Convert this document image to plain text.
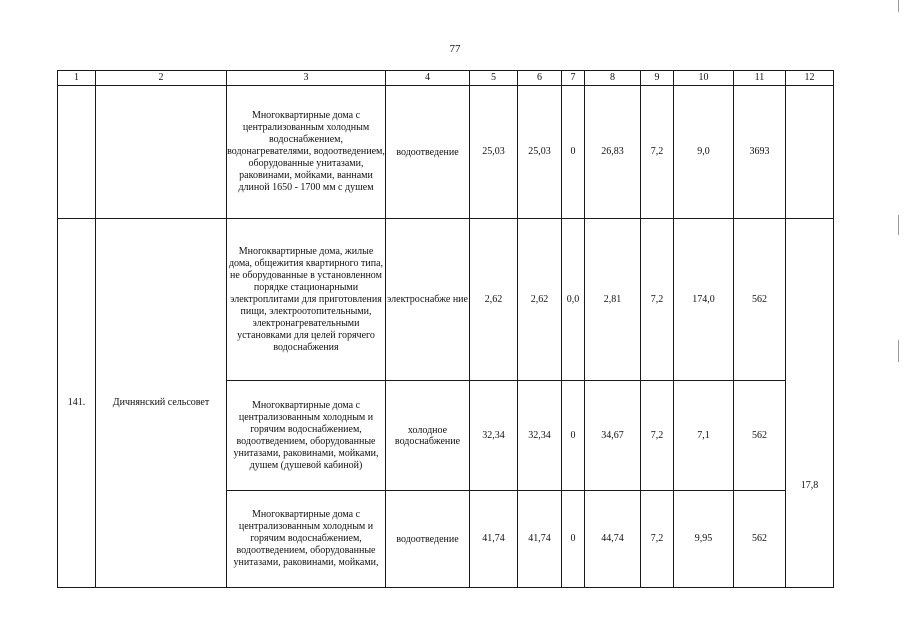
77
1	2	3	4	5	6	7	8	9	10	11	12
		Многоквартирные дома с централизованным холодным водоснабжением, водонагревателями, водоотведением, оборудованные унитазами, раковинами, мойками, ваннами длиной 1650 - 1700 мм с душем	водоотведение	25,03	25,03	0	26,83	7,2	9,0	3693	
141.	Дичнянский сельсовет	Многоквартирные дома, жилые дома, общежития квартирного типа, не оборудованные в установленном порядке стационарными электроплитами для приготовления пищи, электроотопительными, электронагревательными установками для целей горячего водоснабжения	электроснабже ние	2,62	2,62	0,0	2,81	7,2	174,0	562	17,8

		Многоквартирные дома с централизованным холодным и горячим водоснабжением, водоотведением, оборудованные унитазами, раковинами, мойками, душем (душевой кабиной)	холодное водоснабжение	32,34	32,34	0	34,67	7,2	7,1	562	
		Многоквартирные дома с централизованным холодным и горячим водоснабжением, водоотведением, оборудованные унитазами, раковинами, мойками,	водоотведение	41,74	41,74	0	44,74	7,2	9,95	562	
